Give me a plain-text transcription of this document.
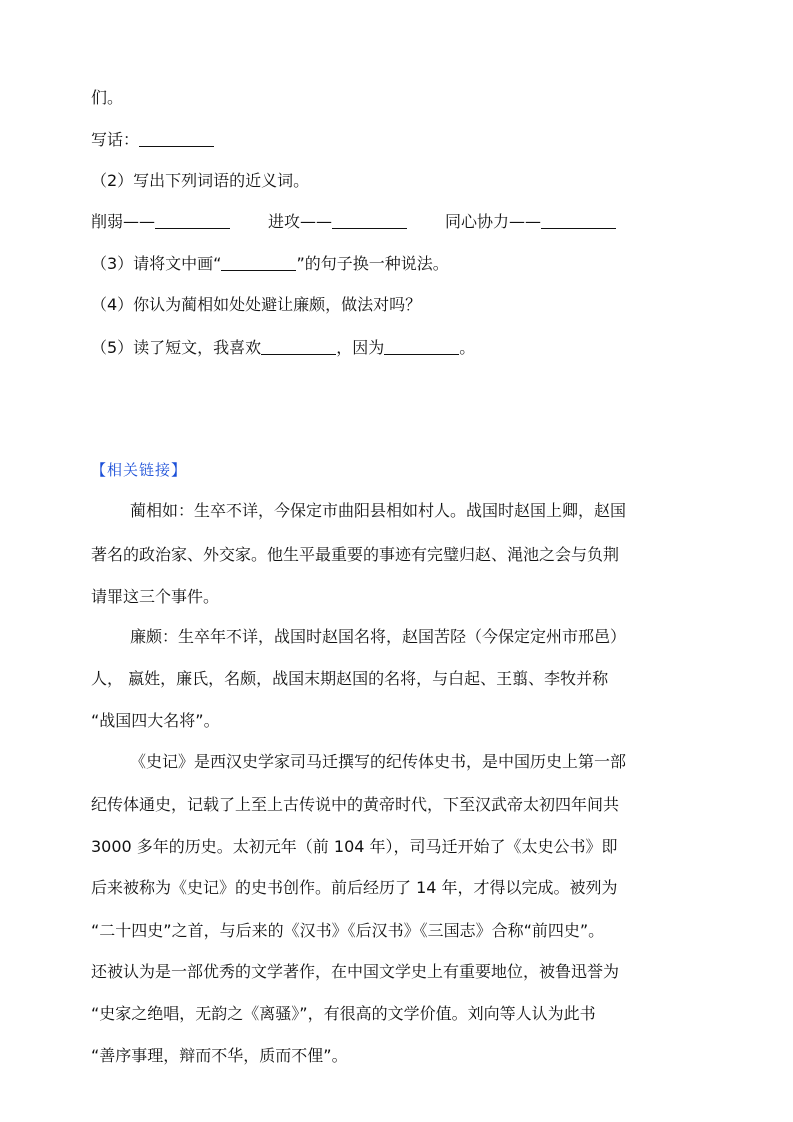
们。
写话：
（2）写出下列词语的近义词。
削弱——	进攻——	同心协力——
（3）请将文中画“	”的句子换一种说法。
（4）你认为蔺相如处处避让廉颇，做法对吗？
（5）读了短文，我喜欢	，因为	。
【相关链接】
蔺相如：生卒不详，今保定市曲阳县相如村人。战国时赵国上卿，赵国
著名的政治家、外交家。他生平最重要的事迹有完璧归赵、渑池之会与负荆
请罪这三个事件。
廉颇：生卒年不详，战国时赵国名将，赵国苦陉（今保定定州市邢邑）
人， 嬴姓，廉氏，名颇，战国末期赵国的名将，与白起、王翦、李牧并称
“战国四大名将”。
《史记》是西汉史学家司马迁撰写的纪传体史书，是中国历史上第一部
纪传体通史，记载了上至上古传说中的黄帝时代，下至汉武帝太初四年间共
3000 多年的历史。太初元年（前 104 年），司马迁开始了《太史公书》即
后来被称为《史记》的史书创作。前后经历了 14 年，才得以完成。被列为
“二十四史”之首，与后来的《汉书》《后汉书》《三国志》合称“前四史”。
还被认为是一部优秀的文学著作，在中国文学史上有重要地位，被鲁迅誉为
“史家之绝唱，无韵之《离骚》”，有很高的文学价值。刘向等人认为此书
“善序事理，辩而不华，质而不俚”。
